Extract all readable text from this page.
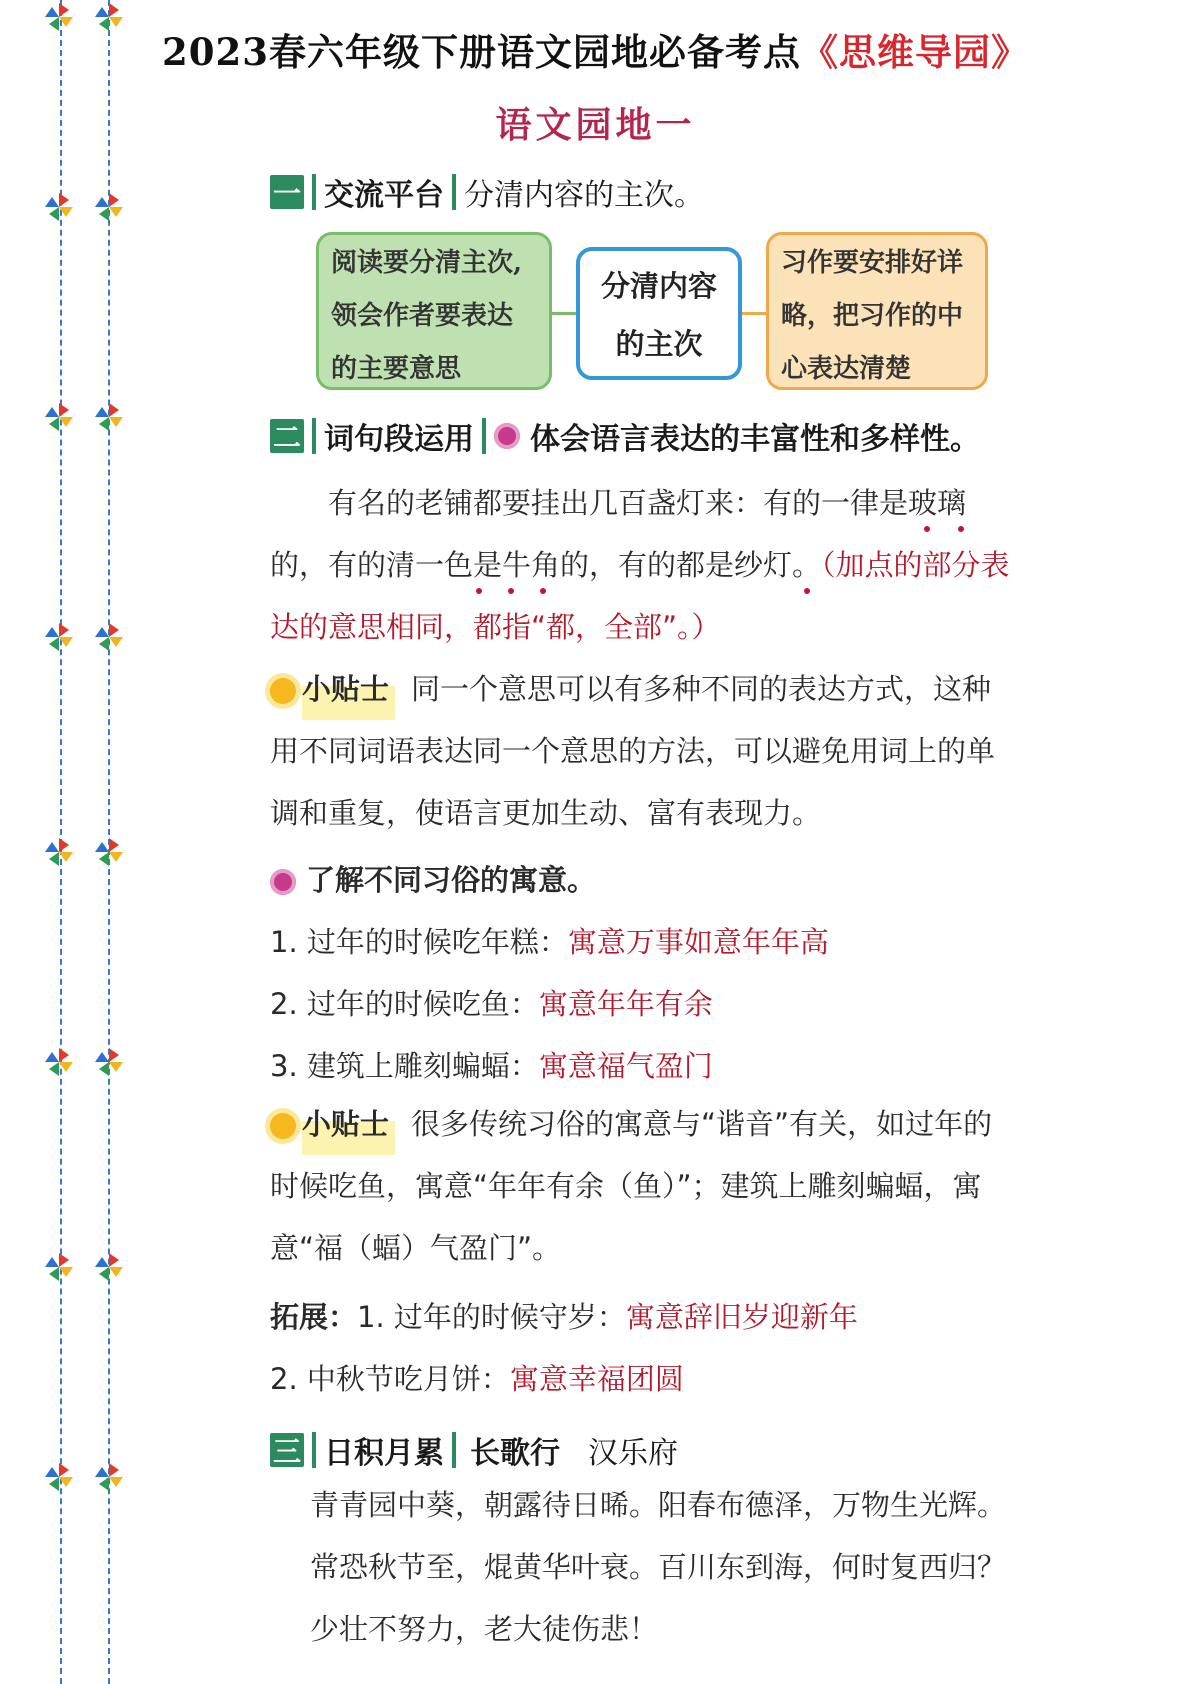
2023春六年级下册语文园地必备考点《思维导园》
语文园地一
一 交流平台 分清内容的主次。
阅读要分清主次,
领会作者要表达
的主要意思
分清内容
的主次
习作要安排好详
略，把习作的中
心表达清楚
二 词句段运用 体会语言表达的丰富性和多样性。
有名的老铺都要挂出几百盏灯来：有的一律是玻璃的，有的清一色是牛角的，有的都是纱灯。（加点的部分表达的意思相同，都指“都，全部”。）
小贴士 同一个意思可以有多种不同的表达方式，这种用不同词语表达同一个意思的方法，可以避免用词上的单调和重复，使语言更加生动、富有表现力。
了解不同习俗的寓意。
1. 过年的时候吃年糕：寓意万事如意年年高
2. 过年的时候吃鱼：寓意年年有余
3. 建筑上雕刻蝙蝠：寓意福气盈门
小贴士 很多传统习俗的寓意与“谐音”有关，如过年的时候吃鱼，寓意“年年有余（鱼）”；建筑上雕刻蝙蝠，寓意“福（蝠）气盈门”。
拓展：1. 过年的时候守岁：寓意辞旧岁迎新年
2. 中秋节吃月饼：寓意幸福团圆
三 日积月累 长歌行 汉乐府
青青园中葵，朝露待日晞。阳春布德泽，万物生光辉。
常恐秋节至，焜黄华叶衰。百川东到海，何时复西归？
少壮不努力，老大徒伤悲！
